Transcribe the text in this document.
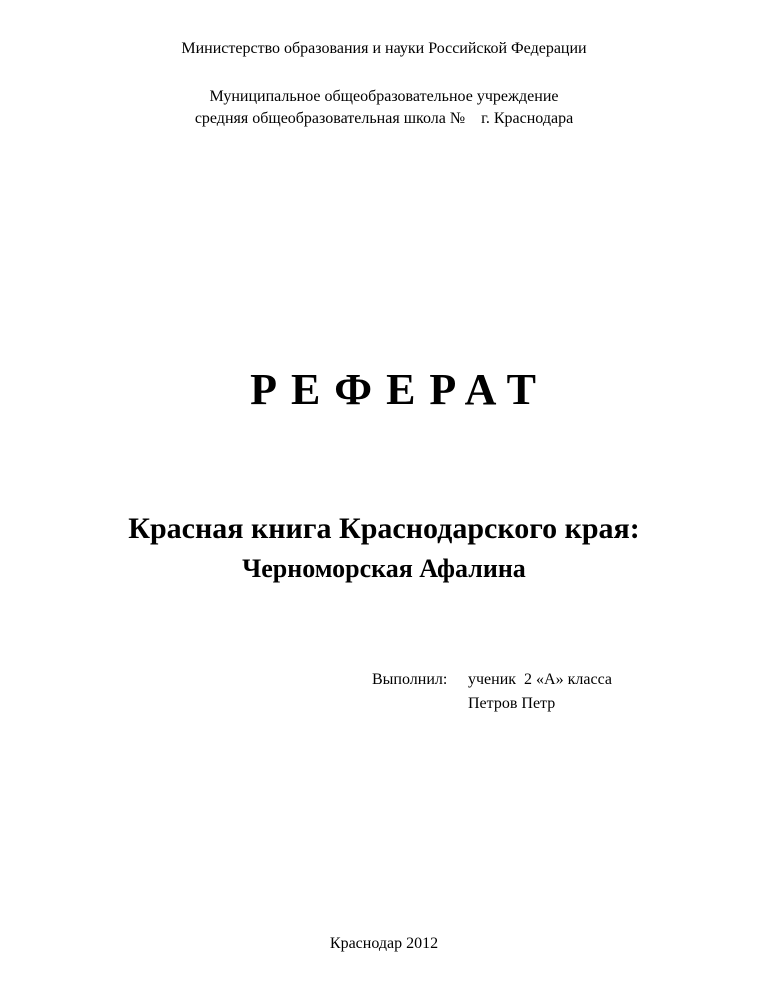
Министерство образования и науки Российской Федерации
Муниципальное общеобразовательное учреждение
средняя общеобразовательная школа № г. Краснодара
РЕФЕРАТ
Красная книга Краснодарского края:
Черноморская Афалина
Выполнил:	ученик  2 «А» класса
Петров Петр
Краснодар 2012
